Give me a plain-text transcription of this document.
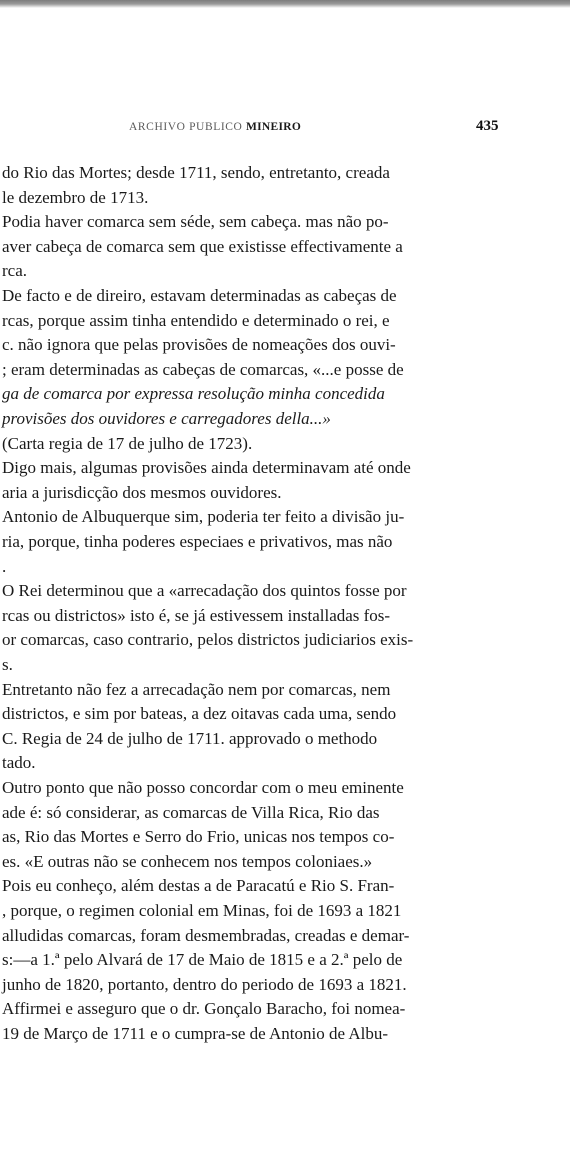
ARCHIVO PUBLICO MINEIRO	435
do Rio das Mortes; desde 1711, sendo, entretanto, creada
le dezembro de 1713.
Podia haver comarca sem séde, sem cabeça. mas não po-
aver cabeça de comarca sem que existisse effectivamente a
rca.
De facto e de direiro, estavam determinadas as cabeças de
rcas, porque assim tinha entendido e determinado o rei, e
c. não ignora que pelas provisões de nomeações dos ouvi-
; eram determinadas as cabeças de comarcas, «...e posse de
ga de comarca por expressa resolução minha concedida
provisões dos ouvidores e carregadores della...»
(Carta regia de 17 de julho de 1723).
Digo mais, algumas provisões ainda determinavam até onde
aria a jurisdicção dos mesmos ouvidores.
Antonio de Albuquerque sim, poderia ter feito a divisão ju-
ria, porque, tinha poderes especiaes e privativos, mas não
.
O Rei determinou que a «arrecadação dos quintos fosse por
rcas ou districtos» isto é, se já estivessem installadas fos-
or comarcas, caso contrario, pelos districtos judiciarios exis-
s.
Entretanto não fez a arrecadação nem por comarcas, nem
districtos, e sim por bateas, a dez oitavas cada uma, sendo
C. Regia de 24 de julho de 1711. approvado o methodo
tado.
Outro ponto que não posso concordar com o meu eminente
ade é: só considerar, as comarcas de Villa Rica, Rio das
as, Rio das Mortes e Serro do Frio, unicas nos tempos co-
es. «E outras não se conhecem nos tempos coloniaes.»
Pois eu conheço, além destas a de Paracatú e Rio S. Fran-
, porque, o regimen colonial em Minas, foi de 1693 a 1821
alludidas comarcas, foram desmembradas, creadas e demar-
s:—a 1.ª pelo Alvará de 17 de Maio de 1815 e a 2.ª pelo de
junho de 1820, portanto, dentro do periodo de 1693 a 1821.
Affirmei e asseguro que o dr. Gonçalo Baracho, foi nomea-
19 de Março de 1711 e o cumpra-se de Antonio de Albu-
